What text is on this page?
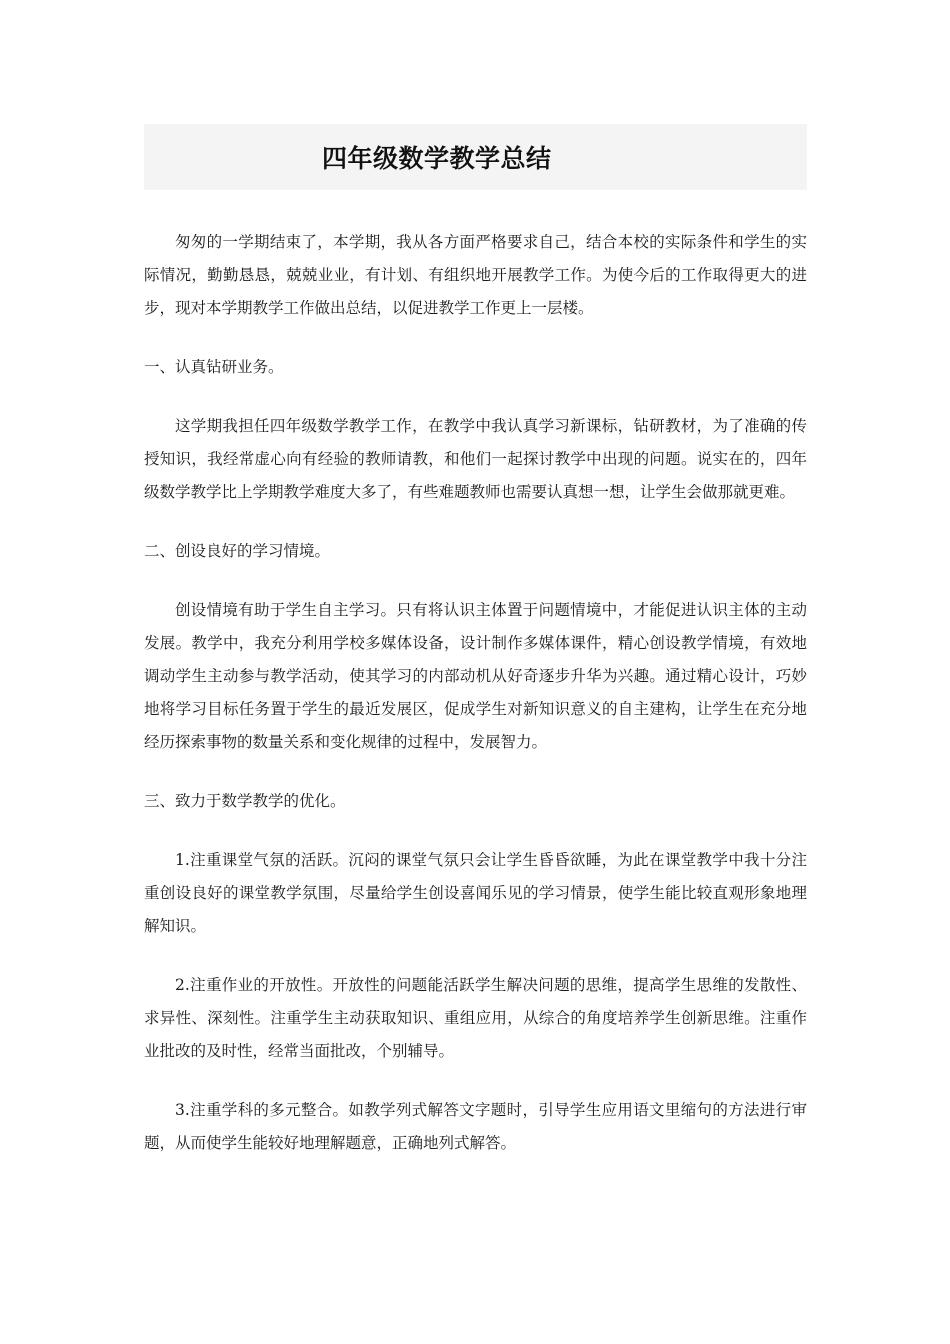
四年级数学教学总结

匆匆的一学期结束了，本学期，我从各方面严格要求自己，结合本校的实际条件和学生的实际情况，勤勤恳恳，兢兢业业，有计划、有组织地开展教学工作。为使今后的工作取得更大的进步，现对本学期教学工作做出总结，以促进教学工作更上一层楼。

一、认真钻研业务。

这学期我担任四年级数学教学工作，在教学中我认真学习新课标，钻研教材，为了准确的传授知识，我经常虚心向有经验的教师请教，和他们一起探讨教学中出现的问题。说实在的，四年级数学教学比上学期教学难度大多了，有些难题教师也需要认真想一想，让学生会做那就更难。

二、创设良好的学习情境。

创设情境有助于学生自主学习。只有将认识主体置于问题情境中，才能促进认识主体的主动发展。教学中，我充分利用学校多媒体设备，设计制作多媒体课件，精心创设教学情境，有效地调动学生主动参与教学活动，使其学习的内部动机从好奇逐步升华为兴趣。通过精心设计，巧妙地将学习目标任务置于学生的最近发展区，促成学生对新知识意义的自主建构，让学生在充分地经历探索事物的数量关系和变化规律的过程中，发展智力。

三、致力于数学教学的优化。

1.注重课堂气氛的活跃。沉闷的课堂气氛只会让学生昏昏欲睡，为此在课堂教学中我十分注重创设良好的课堂教学氛围，尽量给学生创设喜闻乐见的学习情景，使学生能比较直观形象地理解知识。

2.注重作业的开放性。开放性的问题能活跃学生解决问题的思维，提高学生思维的发散性、求异性、深刻性。注重学生主动获取知识、重组应用，从综合的角度培养学生创新思维。注重作业批改的及时性，经常当面批改，个别辅导。

3.注重学科的多元整合。如教学列式解答文字题时，引导学生应用语文里缩句的方法进行审题，从而使学生能较好地理解题意，正确地列式解答。
